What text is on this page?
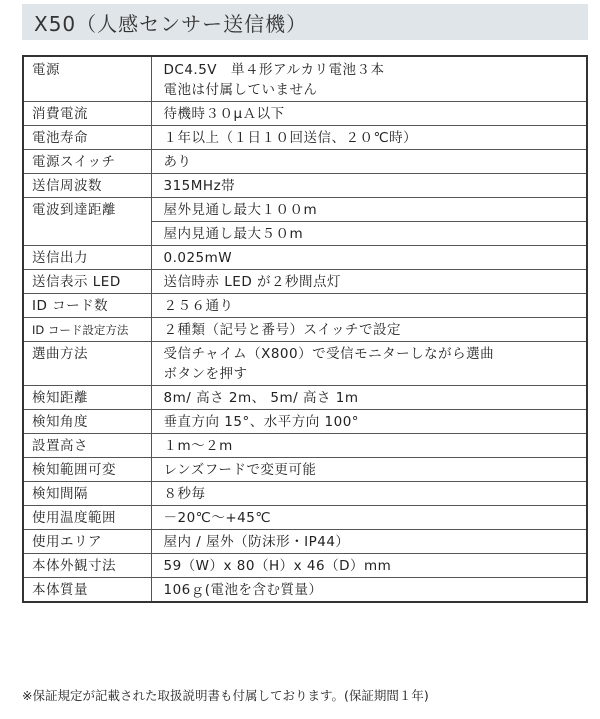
X50（人感センサー送信機）
電源	DC4.5V　単４形アルカリ電池３本
電池は付属していません

消費電流	待機時３０μＡ以下

電池寿命	１年以上（１日１０回送信、２０℃時）

電源スイッチ	あり

送信周波数	315MHz帯

電波到達距離	屋外見通し最大１００m
	屋内見通し最大５０m
送信出力	0.025mW

送信表示 LED	送信時赤 LED が２秒間点灯

ID コード数	２５６通り

ID コード設定方法	２種類（記号と番号）スイッチで設定

選曲方法	受信チャイム（X800）で受信モニターしながら選曲
ボタンを押す

検知距離	8m/ 高さ 2m、 5m/ 高さ 1m

検知角度	垂直方向 15°、水平方向 100°

設置高さ	１m〜２m

検知範囲可変	レンズフードで変更可能

検知間隔	８秒毎

使用温度範囲	－20℃〜+45℃

使用エリア	屋内 / 屋外（防沫形・IP44）

本体外観寸法	59（W）x 80（H）x 46（D）mm

本体質量	106ｇ(電池を含む質量）
※保証規定が記載された取扱説明書も付属しております。(保証期間１年)
